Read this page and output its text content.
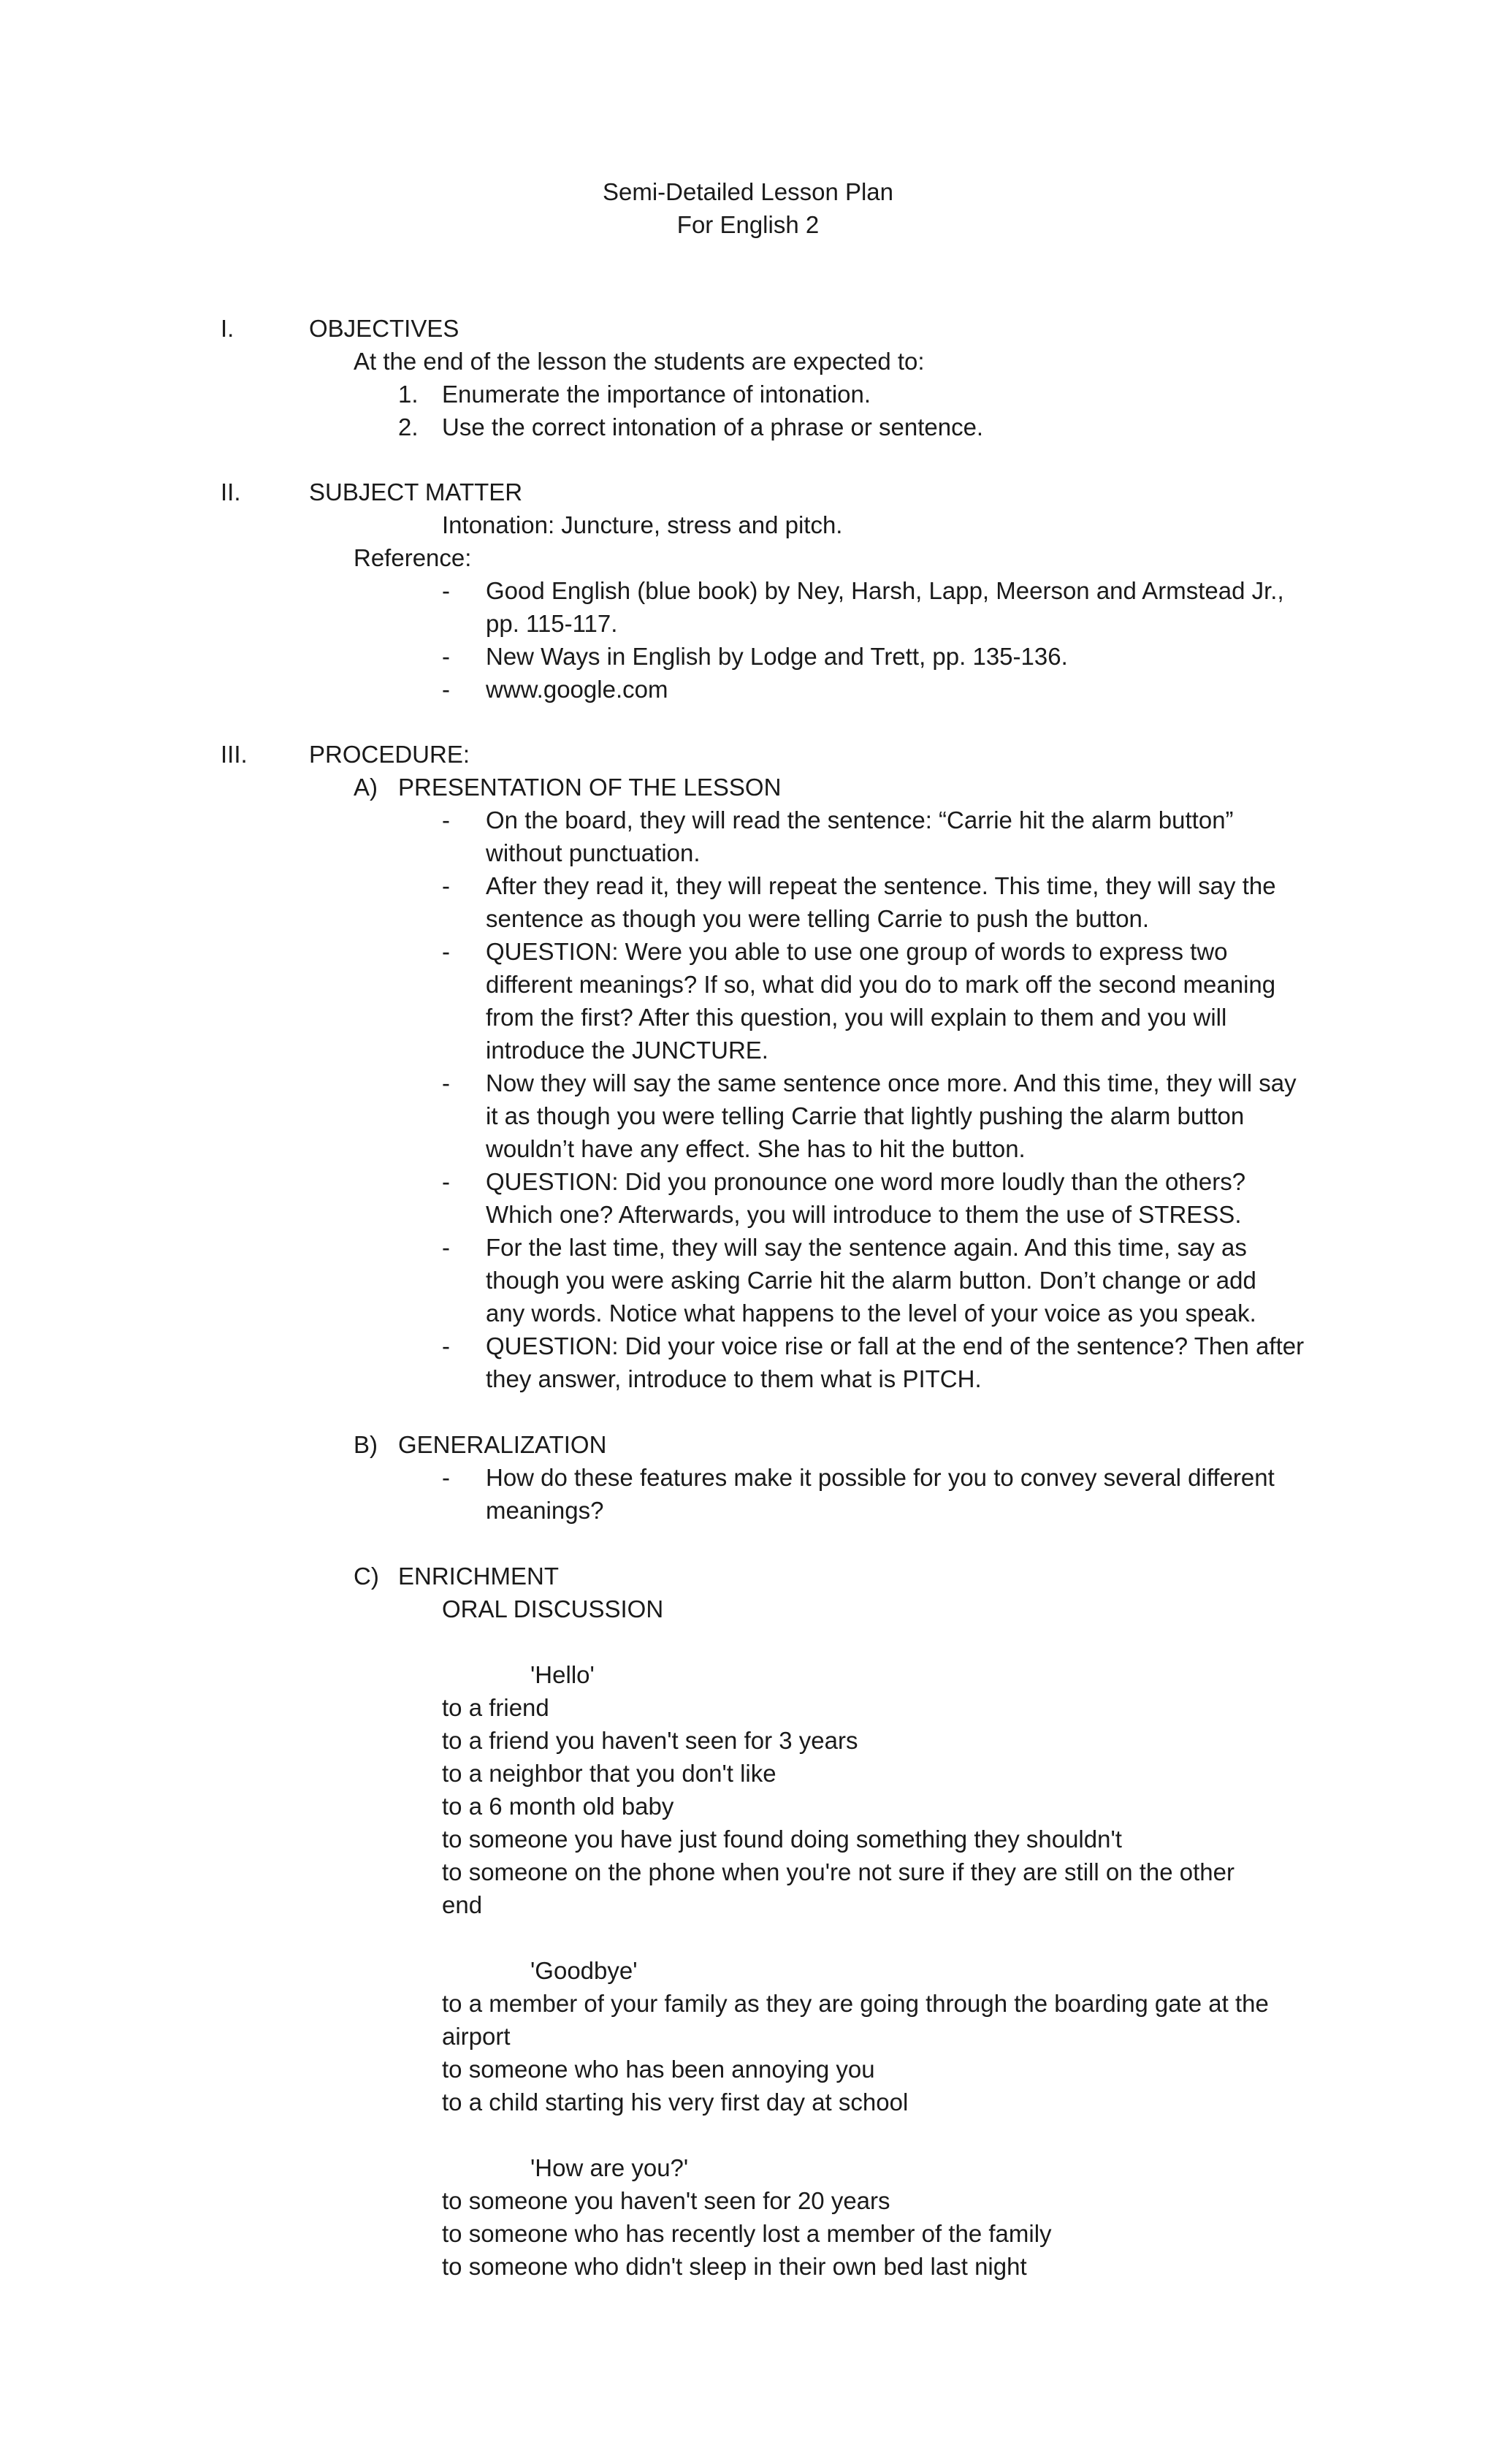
Semi-Detailed Lesson Plan
For English 2
I.	OBJECTIVES
At the end of the lesson the students are expected to:
1. Enumerate the importance of intonation.
2. Use the correct intonation of a phrase or sentence.
II.	SUBJECT MATTER
Intonation: Juncture, stress and pitch.
Reference:
- Good English (blue book) by Ney, Harsh, Lapp, Meerson and Armstead Jr.,
pp. 115-117.
- New Ways in English by Lodge and Trett, pp. 135-136.
- www.google.com
III.	PROCEDURE:
A) PRESENTATION OF THE LESSON
- On the board, they will read the sentence: “Carrie hit the alarm button”
without punctuation.
- After they read it, they will repeat the sentence. This time, they will say the
sentence as though you were telling Carrie to push the button.
- QUESTION: Were you able to use one group of words to express two
different meanings? If so, what did you do to mark off the second meaning
from the first? After this question, you will explain to them and you will
introduce the JUNCTURE.
- Now they will say the same sentence once more. And this time, they will say
it as though you were telling Carrie that lightly pushing the alarm button
wouldn’t have any effect. She has to hit the button.
- QUESTION: Did you pronounce one word more loudly than the others?
Which one? Afterwards, you will introduce to them the use of STRESS.
- For the last time, they will say the sentence again. And this time, say as
though you were asking Carrie hit the alarm button. Don’t change or add
any words. Notice what happens to the level of your voice as you speak.
- QUESTION: Did your voice rise or fall at the end of the sentence? Then after
they answer, introduce to them what is PITCH.
B) GENERALIZATION
- How do these features make it possible for you to convey several different
meanings?
C) ENRICHMENT
ORAL DISCUSSION
'Hello'
to a friend
to a friend you haven't seen for 3 years
to a neighbor that you don't like
to a 6 month old baby
to someone you have just found doing something they shouldn't
to someone on the phone when you're not sure if they are still on the other
end
'Goodbye'
to a member of your family as they are going through the boarding gate at the
airport
to someone who has been annoying you
to a child starting his very first day at school
'How are you?'
to someone you haven't seen for 20 years
to someone who has recently lost a member of the family
to someone who didn't sleep in their own bed last night
